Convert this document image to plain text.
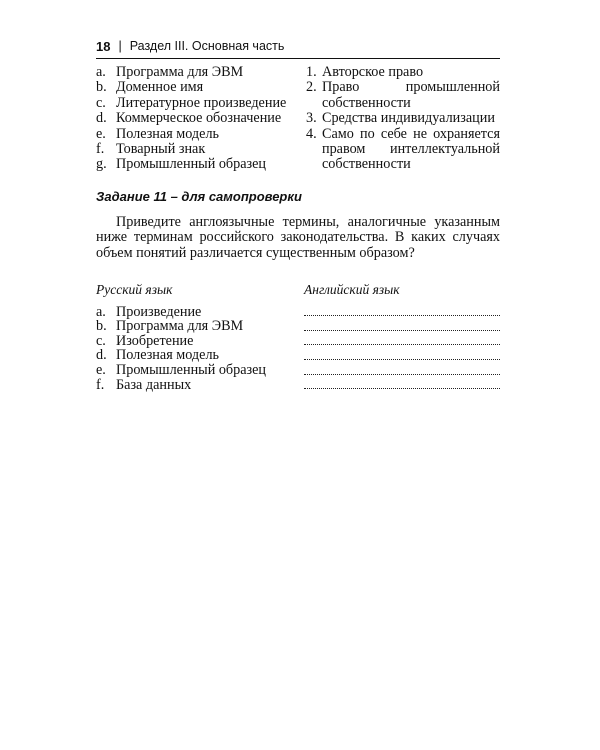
18 | Раздел III. Основная часть
a. Программа для ЭВМ
b. Доменное имя
c. Литературное произведение
d. Коммерческое обозначение
e. Полезная модель
f. Товарный знак
g. Промышленный образец
1. Авторское право
2. Право промышленной собственности
3. Средства индивидуализации
4. Само по себе не охраняется правом интеллектуальной собственности
Задание 11 – для самопроверки
Приведите англоязычные термины, аналогичные указанным ниже терминам российского законодательства. В каких случаях объем понятий различается существенным образом?
Русский язык	Английский язык
a. Произведение
b. Программа для ЭВМ
c. Изобретение
d. Полезная модель
e. Промышленный образец
f. База данных
